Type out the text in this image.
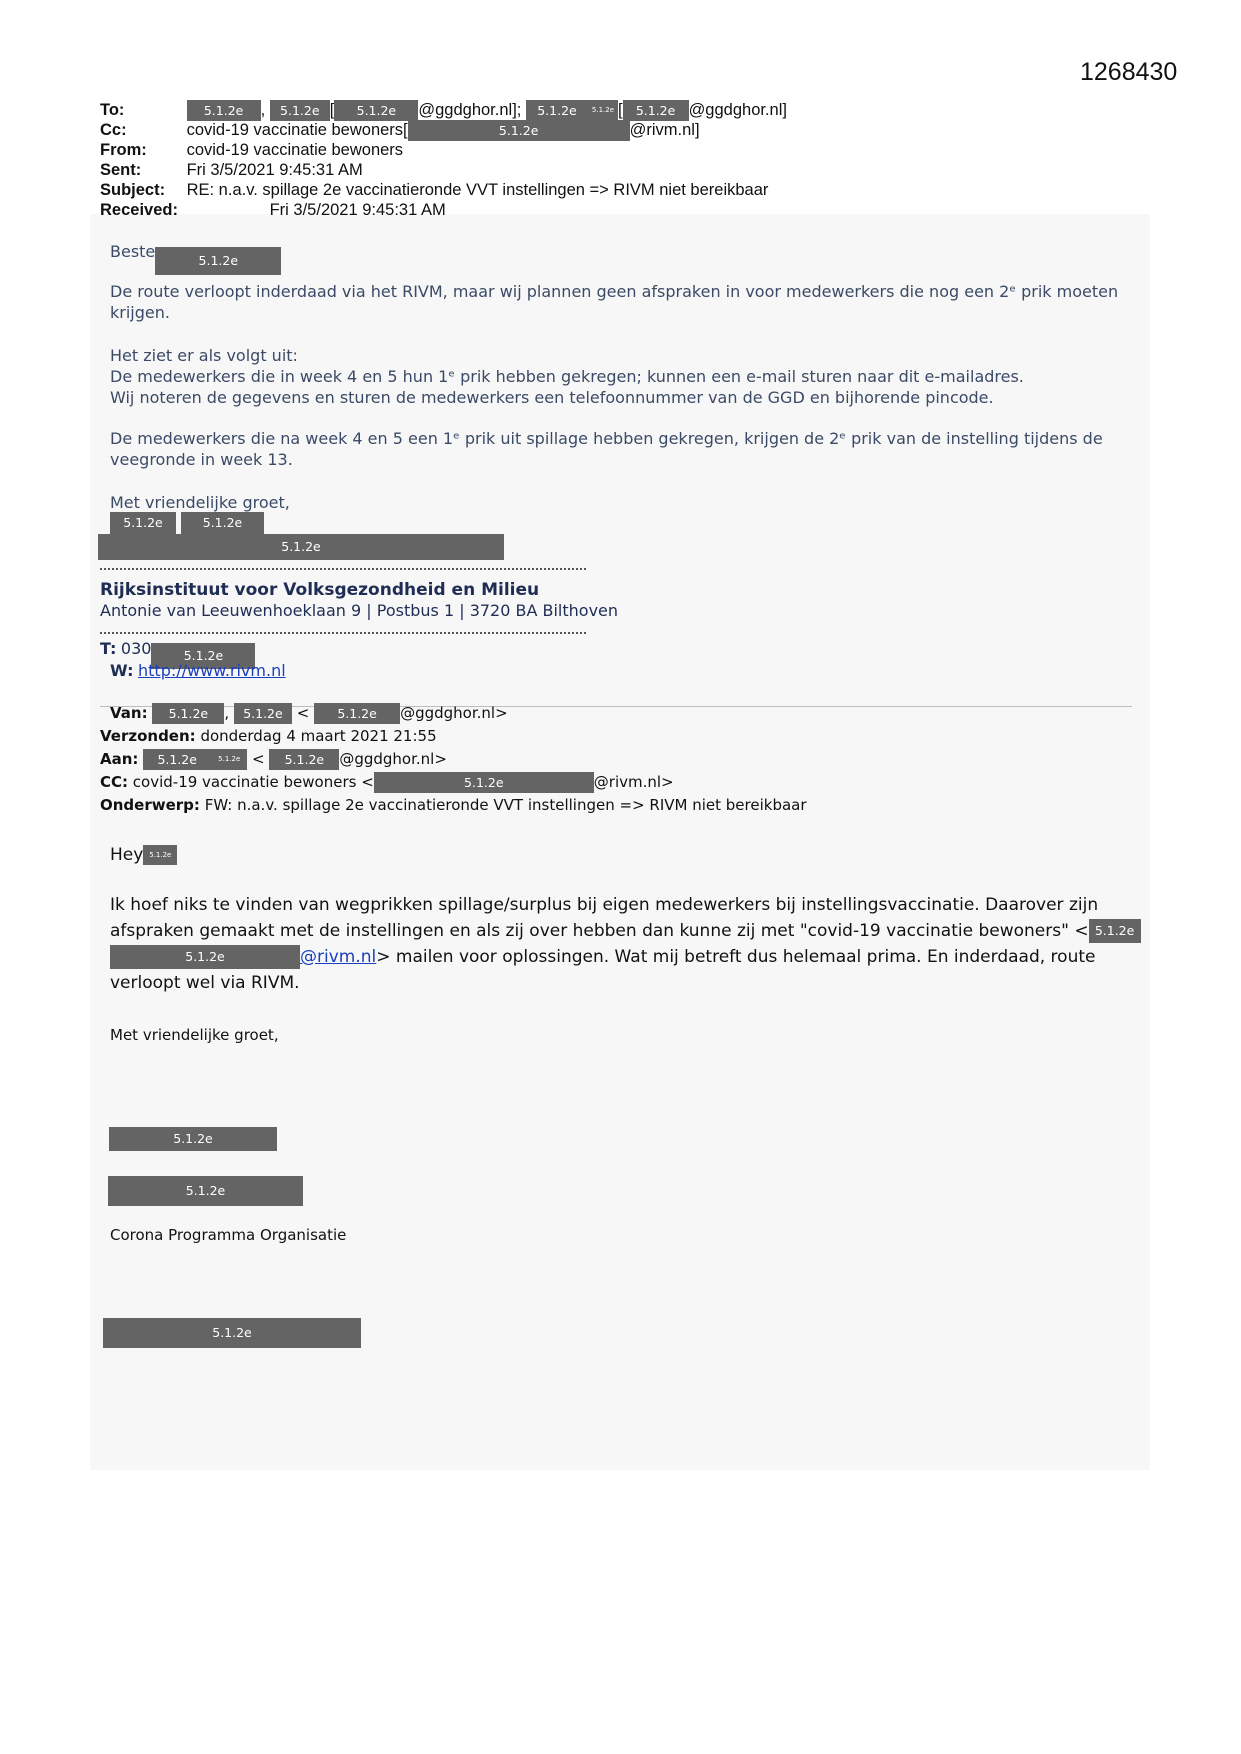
1268430
To:	5.1.2e , 5.1.2e [ 5.1.2e @ggdghor.nl]; 5.1.2e 5.1.2e [ 5.1.2e @ggdghor.nl]
Cc:	covid-19 vaccinatie bewoners[	5.1.2e	@rivm.nl]
From: covid-19 vaccinatie bewoners
Sent:	Fri 3/5/2021 9:45:31 AM
Subject: RE: n.a.v. spillage 2e vaccinatieronde VVT instellingen => RIVM niet bereikbaar
Received:	Fri 3/5/2021 9:45:31 AM
Beste	5.1.2e
De route verloopt inderdaad via het RIVM, maar wij plannen geen afspraken in voor medewerkers die nog een 2ᵉ prik moeten krijgen.
Het ziet er als volgt uit:
De medewerkers die in week 4 en 5 hun 1ᵉ prik hebben gekregen; kunnen een e-mail sturen naar dit e-mailadres.
Wij noteren de gegevens en sturen de medewerkers een telefoonnummer van de GGD en bijhorende pincode.
De medewerkers die na week 4 en 5 een 1ᵉ prik uit spillage hebben gekregen, krijgen de 2ᵉ prik van de instelling tijdens de veegronde in week 13.
Met vriendelijke groet,
5.1.2e	5.1.2e
5.1.2e
Rijksinstituut voor Volksgezondheid en Milieu
Antonie van Leeuwenhoeklaan 9 | Postbus 1 | 3720 BA Bilthoven
T: 030	5.1.2e
W: http://www.rivm.nl
Van: 5.1.2e , 5.1.2e < 5.1.2e @ggdghor.nl>
Verzonden: donderdag 4 maart 2021 21:55
Aan: 5.1.2e	5.1.2e < 5.1.2e @ggdghor.nl>
CC: covid-19 vaccinatie bewoners <	5.1.2e	@rivm.nl>
Onderwerp: FW: n.a.v. spillage 2e vaccinatieronde VVT instellingen => RIVM niet bereikbaar
Hey 5.1.2e
Ik hoef niks te vinden van wegprikken spillage/surplus bij eigen medewerkers bij instellingsvaccinatie. Daarover zijn
afspraken gemaakt met de instellingen en als zij over hebben dan kunne zij met "covid-19 vaccinatie bewoners" < 5.1.2e
5.1.2e	@rivm.nl> mailen voor oplossingen. Wat mij betreft dus helemaal prima. En inderdaad, route
verloopt wel via RIVM.
Met vriendelijke groet,
5.1.2e
5.1.2e
Corona Programma Organisatie
5.1.2e
